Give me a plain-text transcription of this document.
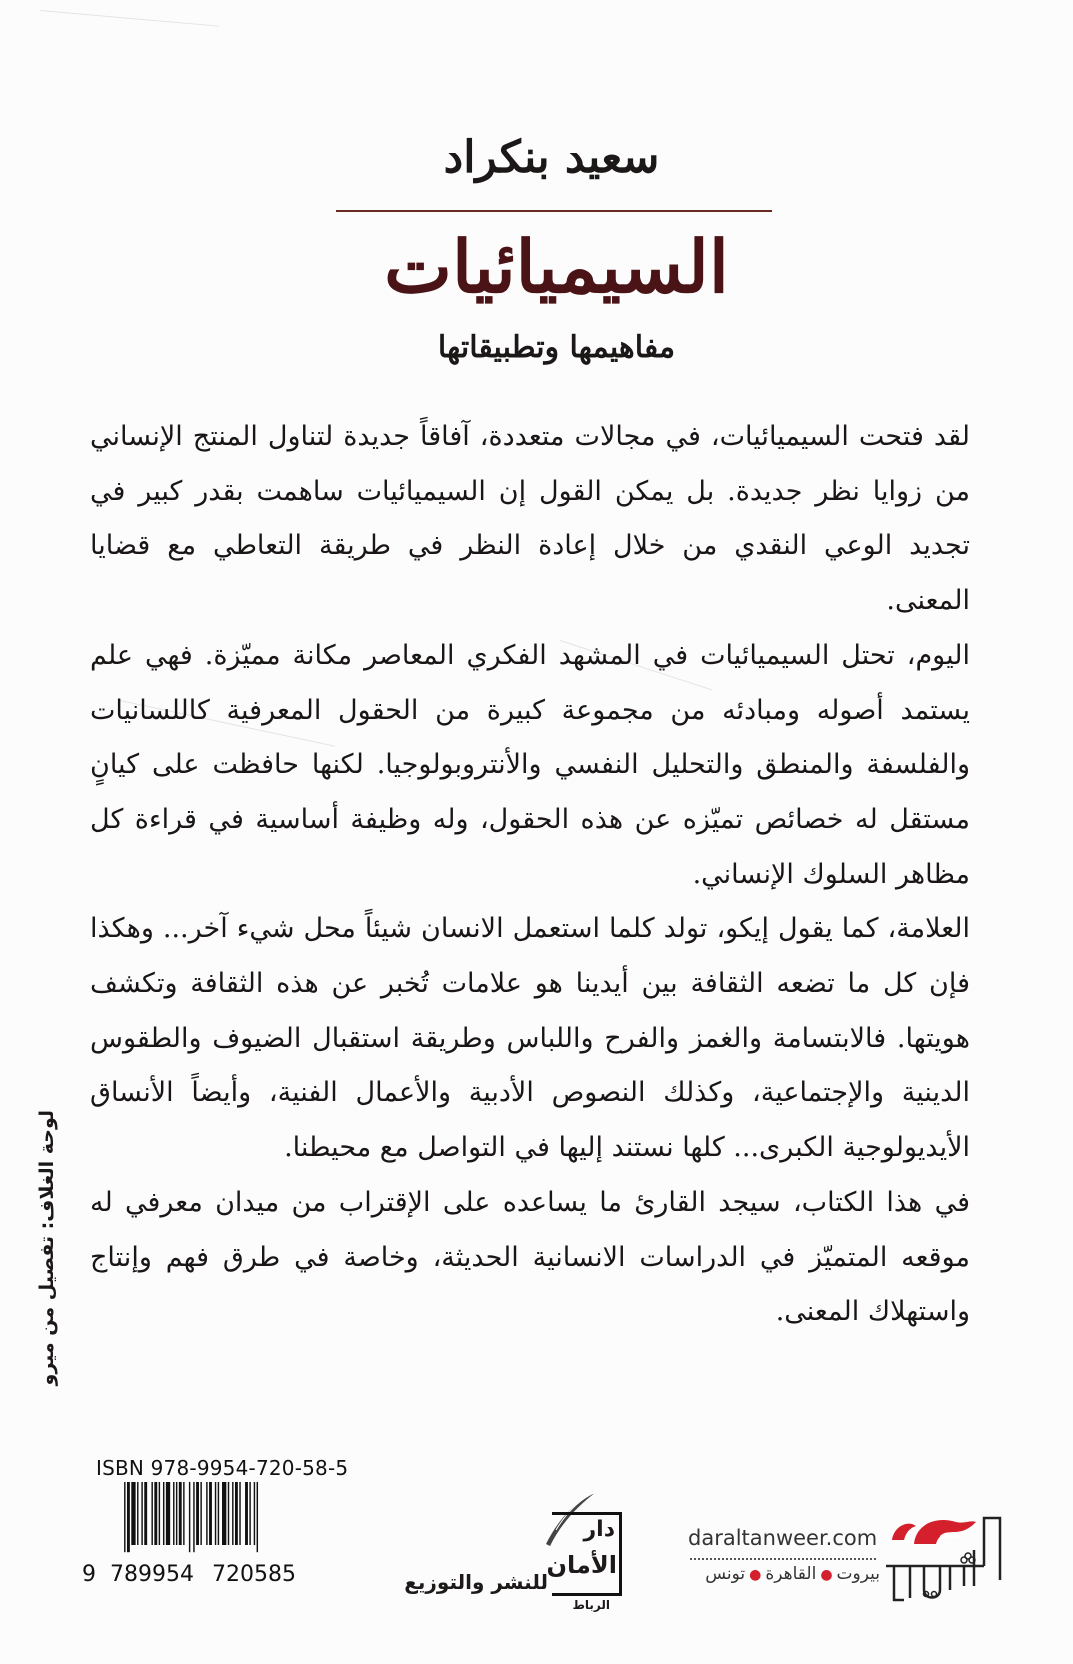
سعيد بنكراد
السيميائيات
مفاهيمها وتطبيقاتها

لقد فتحت السيميائيات، في مجالات متعددة، آفاقاً جديدة لتناول المنتج الإنساني من زوايا نظر جديدة. بل يمكن القول إن السيميائيات ساهمت بقدر كبير في تجديد الوعي النقدي من خلال إعادة النظر في طريقة التعاطي مع قضايا المعنى.

اليوم، تحتل السيميائيات في المشهد الفكري المعاصر مكانة مميّزة. فهي علم يستمد أصوله ومبادئه من مجموعة كبيرة من الحقول المعرفية كاللسانيات والفلسفة والمنطق والتحليل النفسي والأنتروبولوجيا. لكنها حافظت على كيانٍ مستقل له خصائص تميّزه عن هذه الحقول، وله وظيفة أساسية في قراءة كل مظاهر السلوك الإنساني.

العلامة، كما يقول إيكو، تولد كلما استعمل الانسان شيئاً محل شيء آخر... وهكذا فإن كل ما تضعه الثقافة بين أيدينا هو علامات تُخبر عن هذه الثقافة وتكشف هويتها. فالابتسامة والغمز والفرح واللباس وطريقة استقبال الضيوف والطقوس الدينية والإجتماعية، وكذلك النصوص الأدبية والأعمال الفنية، وأيضاً الأنساق الأيديولوجية الكبرى... كلها نستند إليها في التواصل مع محيطنا.

في هذا الكتاب، سيجد القارئ ما يساعده على الإقتراب من ميدان معرفي له موقعه المتميّز في الدراسات الانسانية الحديثة، وخاصة في طرق فهم وإنتاج واستهلاك المعنى.

لوحة الغلاف: تفصيل من ميرو
ISBN 978-9954-720-58-5
9 789954 720585
دار
الأمان
للنشر والتوزيع
الرباط
daraltanweer.com
بيروت●القاهرة●تونس
